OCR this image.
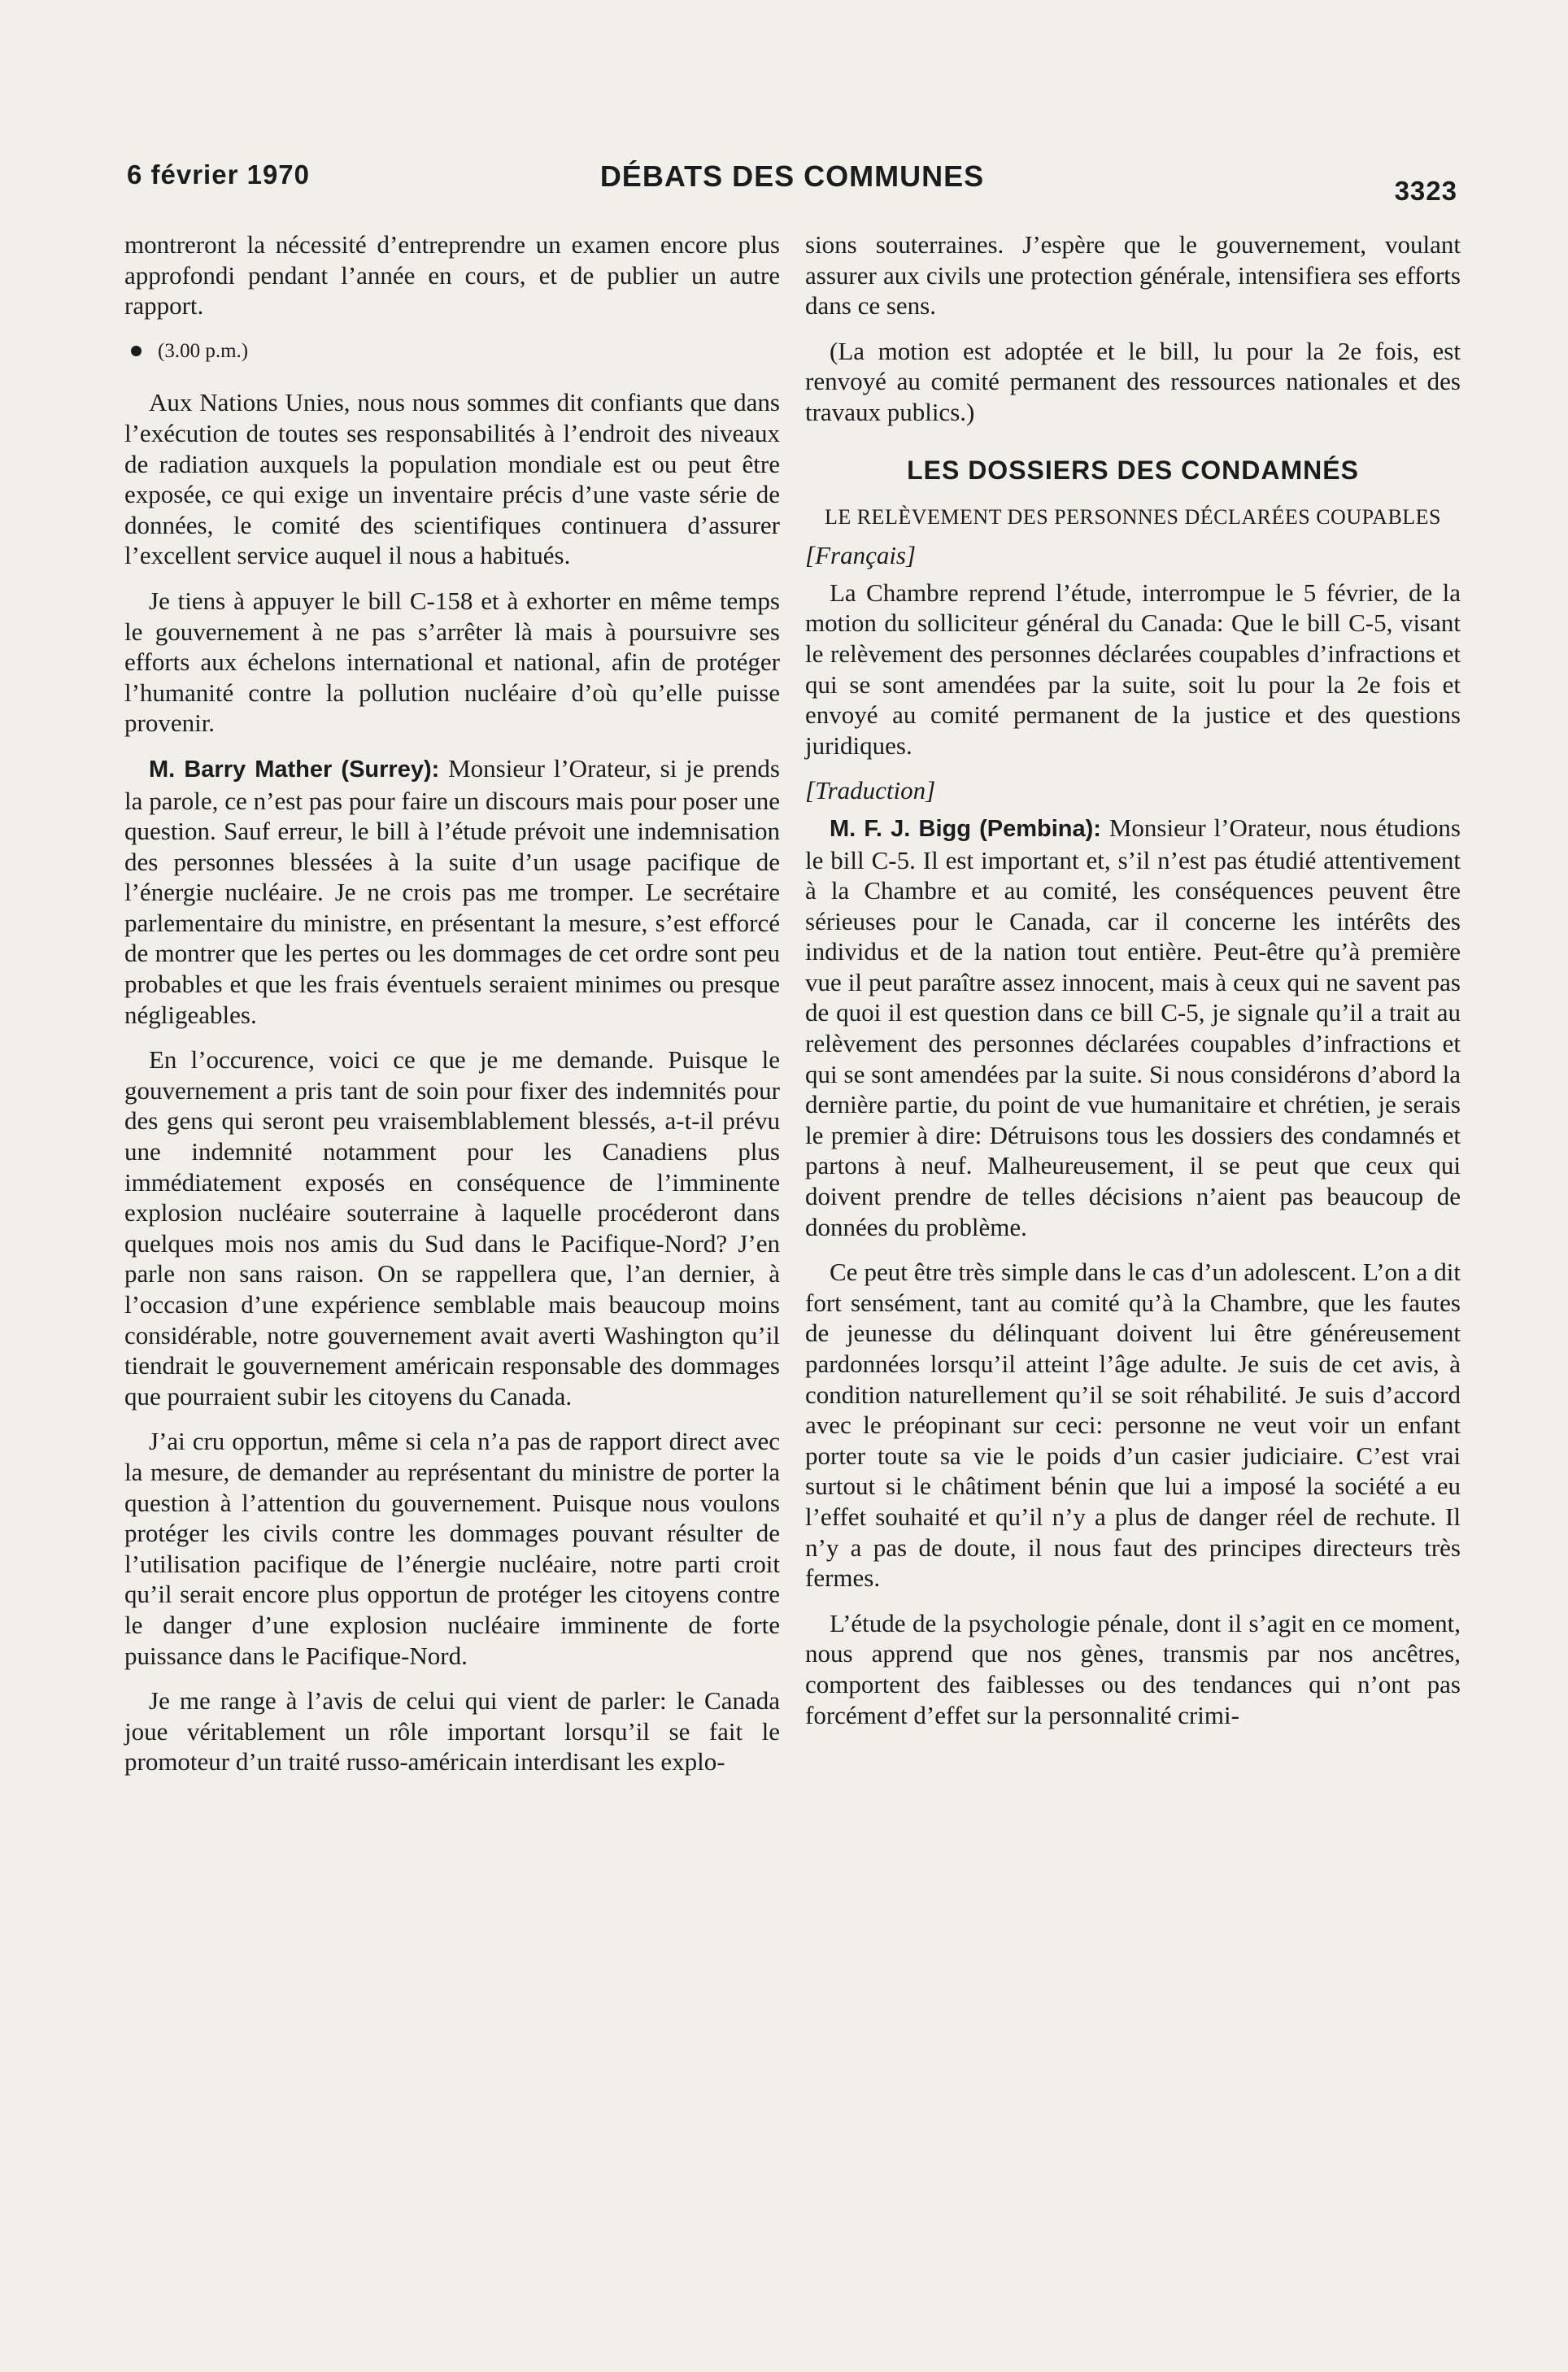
6 février 1970	DÉBATS DES COMMUNES	3323

montreront la nécessité d’entreprendre un examen encore plus approfondi pendant l’année en cours, et de publier un autre rapport.

(3.00 p.m.)

Aux Nations Unies, nous nous sommes dit confiants que dans l’exécution de toutes ses responsabilités à l’endroit des niveaux de radiation auxquels la population mondiale est ou peut être exposée, ce qui exige un inventaire précis d’une vaste série de données, le comité des scientifiques continuera d’assurer l’excellent service auquel il nous a habitués.

Je tiens à appuyer le bill C-158 et à exhorter en même temps le gouvernement à ne pas s’arrêter là mais à poursuivre ses efforts aux échelons international et national, afin de protéger l’humanité contre la pollution nucléaire d’où qu’elle puisse provenir.

M. Barry Mather (Surrey): Monsieur l’Orateur, si je prends la parole, ce n’est pas pour faire un discours mais pour poser une question. Sauf erreur, le bill à l’étude prévoit une indemnisation des personnes blessées à la suite d’un usage pacifique de l’énergie nucléaire. Je ne crois pas me tromper. Le secrétaire parlementaire du ministre, en présentant la mesure, s’est efforcé de montrer que les pertes ou les dommages de cet ordre sont peu probables et que les frais éventuels seraient minimes ou presque négligeables.

En l’occurence, voici ce que je me demande. Puisque le gouvernement a pris tant de soin pour fixer des indemnités pour des gens qui seront peu vraisemblablement blessés, a-t-il prévu une indemnité notamment pour les Canadiens plus immédiatement exposés en conséquence de l’imminente explosion nucléaire souterraine à laquelle procéderont dans quelques mois nos amis du Sud dans le Pacifique-Nord? J’en parle non sans raison. On se rappellera que, l’an dernier, à l’occasion d’une expérience semblable mais beaucoup moins considérable, notre gouvernement avait averti Washington qu’il tiendrait le gouvernement américain responsable des dommages que pourraient subir les citoyens du Canada.

J’ai cru opportun, même si cela n’a pas de rapport direct avec la mesure, de demander au représentant du ministre de porter la question à l’attention du gouvernement. Puisque nous voulons protéger les civils contre les dommages pouvant résulter de l’utilisation pacifique de l’énergie nucléaire, notre parti croit qu’il serait encore plus opportun de protéger les citoyens contre le danger d’une explosion nucléaire imminente de forte puissance dans le Pacifique-Nord.

Je me range à l’avis de celui qui vient de parler: le Canada joue véritablement un rôle important lorsqu’il se fait le promoteur d’un traité russo-américain interdisant les explo-

sions souterraines. J’espère que le gouvernement, voulant assurer aux civils une protection générale, intensifiera ses efforts dans ce sens.

(La motion est adoptée et le bill, lu pour la 2e fois, est renvoyé au comité permanent des ressources nationales et des travaux publics.)

LES DOSSIERS DES CONDAMNÉS
LE RELÈVEMENT DES PERSONNES DÉCLARÉES COUPABLES

[Français]

La Chambre reprend l’étude, interrompue le 5 février, de la motion du solliciteur général du Canada: Que le bill C-5, visant le relèvement des personnes déclarées coupables d’infractions et qui se sont amendées par la suite, soit lu pour la 2e fois et envoyé au comité permanent de la justice et des questions juridiques.

[Traduction]

M. F. J. Bigg (Pembina): Monsieur l’Orateur, nous étudions le bill C-5. Il est important et, s’il n’est pas étudié attentivement à la Chambre et au comité, les conséquences peuvent être sérieuses pour le Canada, car il concerne les intérêts des individus et de la nation tout entière. Peut-être qu’à première vue il peut paraître assez innocent, mais à ceux qui ne savent pas de quoi il est question dans ce bill C-5, je signale qu’il a trait au relèvement des personnes déclarées coupables d’infractions et qui se sont amendées par la suite. Si nous considérons d’abord la dernière partie, du point de vue humanitaire et chrétien, je serais le premier à dire: Détruisons tous les dossiers des condamnés et partons à neuf. Malheureusement, il se peut que ceux qui doivent prendre de telles décisions n’aient pas beaucoup de données du problème.

Ce peut être très simple dans le cas d’un adolescent. L’on a dit fort sensément, tant au comité qu’à la Chambre, que les fautes de jeunesse du délinquant doivent lui être généreusement pardonnées lorsqu’il atteint l’âge adulte. Je suis de cet avis, à condition naturellement qu’il se soit réhabilité. Je suis d’accord avec le préopinant sur ceci: personne ne veut voir un enfant porter toute sa vie le poids d’un casier judiciaire. C’est vrai surtout si le châtiment bénin que lui a imposé la société a eu l’effet souhaité et qu’il n’y a plus de danger réel de rechute. Il n’y a pas de doute, il nous faut des principes directeurs très fermes.

L’étude de la psychologie pénale, dont il s’agit en ce moment, nous apprend que nos gènes, transmis par nos ancêtres, comportent des faiblesses ou des tendances qui n’ont pas forcément d’effet sur la personnalité crimi-
